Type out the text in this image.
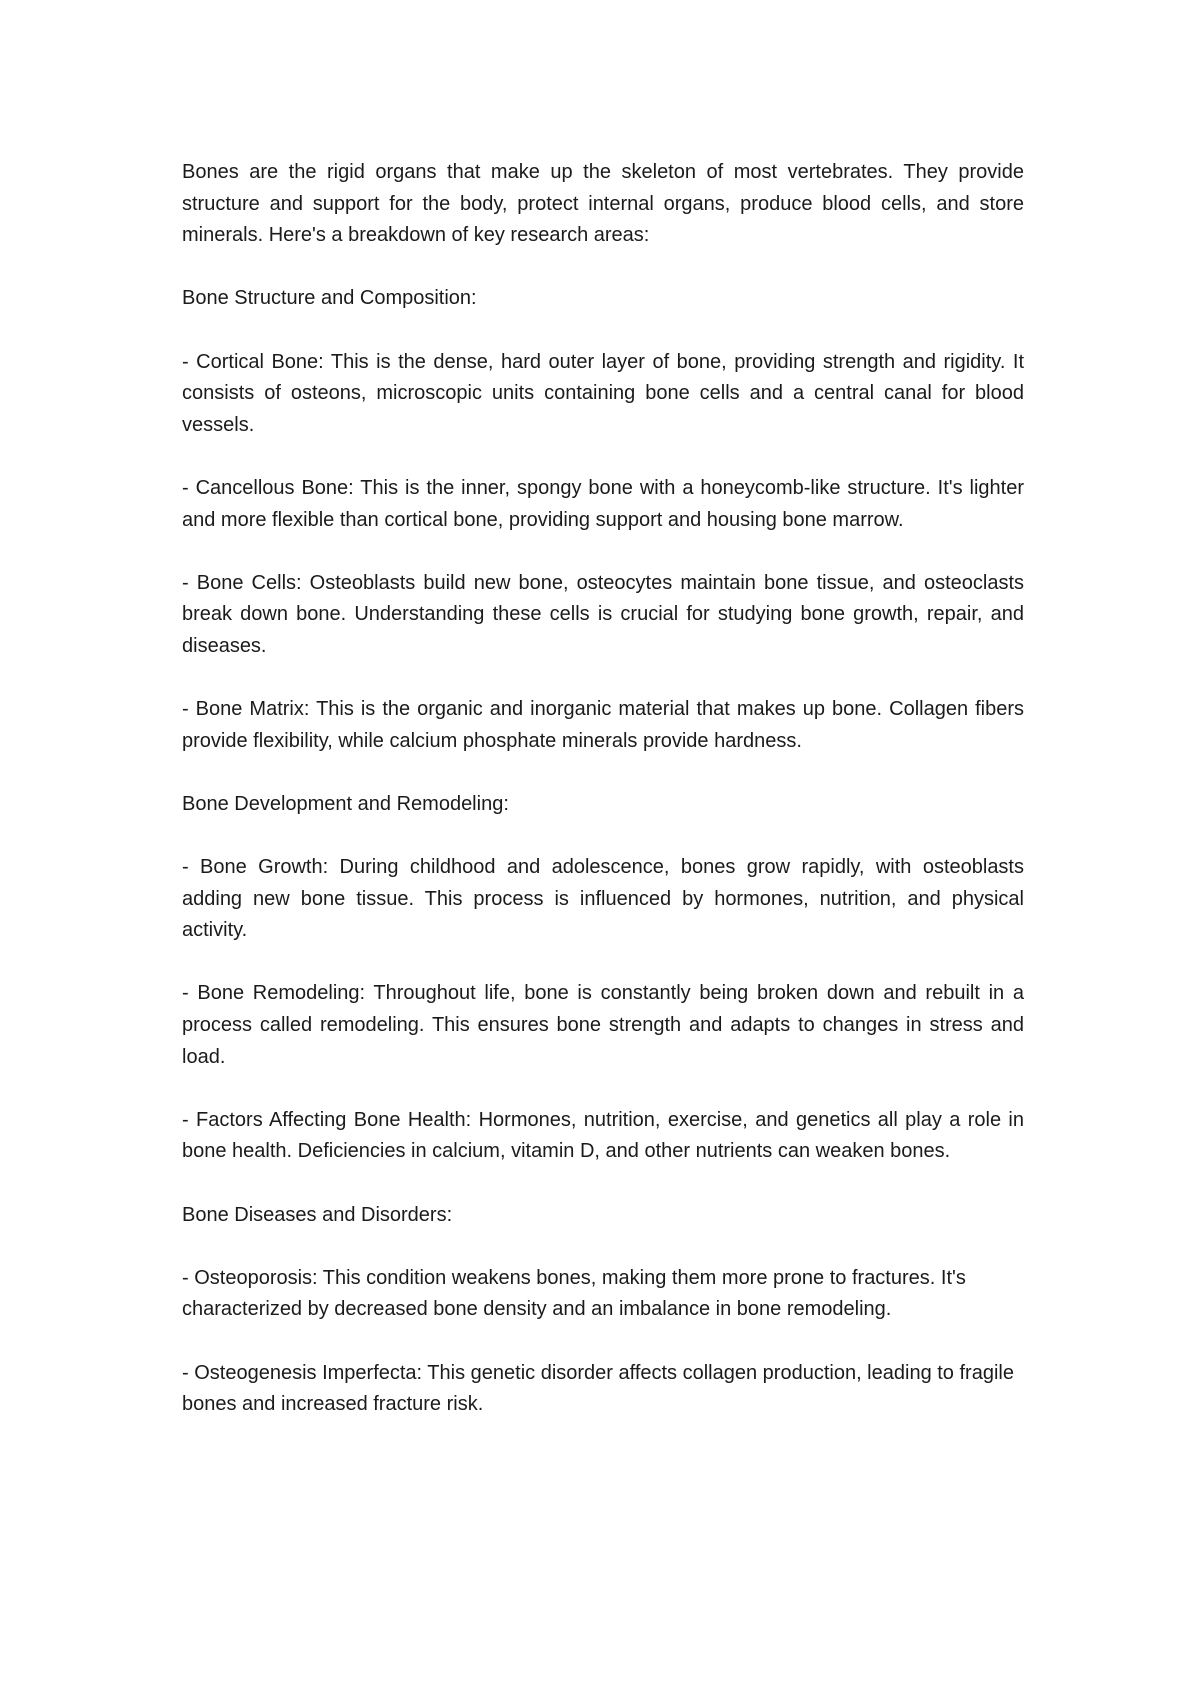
Bones are the rigid organs that make up the skeleton of most vertebrates. They provide structure and support for the body, protect internal organs, produce blood cells, and store minerals. Here's a breakdown of key research areas:

Bone Structure and Composition:

- Cortical Bone: This is the dense, hard outer layer of bone, providing strength and rigidity. It consists of osteons, microscopic units containing bone cells and a central canal for blood vessels.

- Cancellous Bone: This is the inner, spongy bone with a honeycomb-like structure. It's lighter and more flexible than cortical bone, providing support and housing bone marrow.

- Bone Cells: Osteoblasts build new bone, osteocytes maintain bone tissue, and osteoclasts break down bone. Understanding these cells is crucial for studying bone growth, repair, and diseases.

- Bone Matrix: This is the organic and inorganic material that makes up bone. Collagen fibers provide flexibility, while calcium phosphate minerals provide hardness.

Bone Development and Remodeling:

- Bone Growth: During childhood and adolescence, bones grow rapidly, with osteoblasts adding new bone tissue. This process is influenced by hormones, nutrition, and physical activity.

- Bone Remodeling: Throughout life, bone is constantly being broken down and rebuilt in a process called remodeling. This ensures bone strength and adapts to changes in stress and load.

- Factors Affecting Bone Health: Hormones, nutrition, exercise, and genetics all play a role in bone health. Deficiencies in calcium, vitamin D, and other nutrients can weaken bones.

Bone Diseases and Disorders:

- Osteoporosis: This condition weakens bones, making them more prone to fractures. It's characterized by decreased bone density and an imbalance in bone remodeling.

- Osteogenesis Imperfecta: This genetic disorder affects collagen production, leading to fragile bones and increased fracture risk.
